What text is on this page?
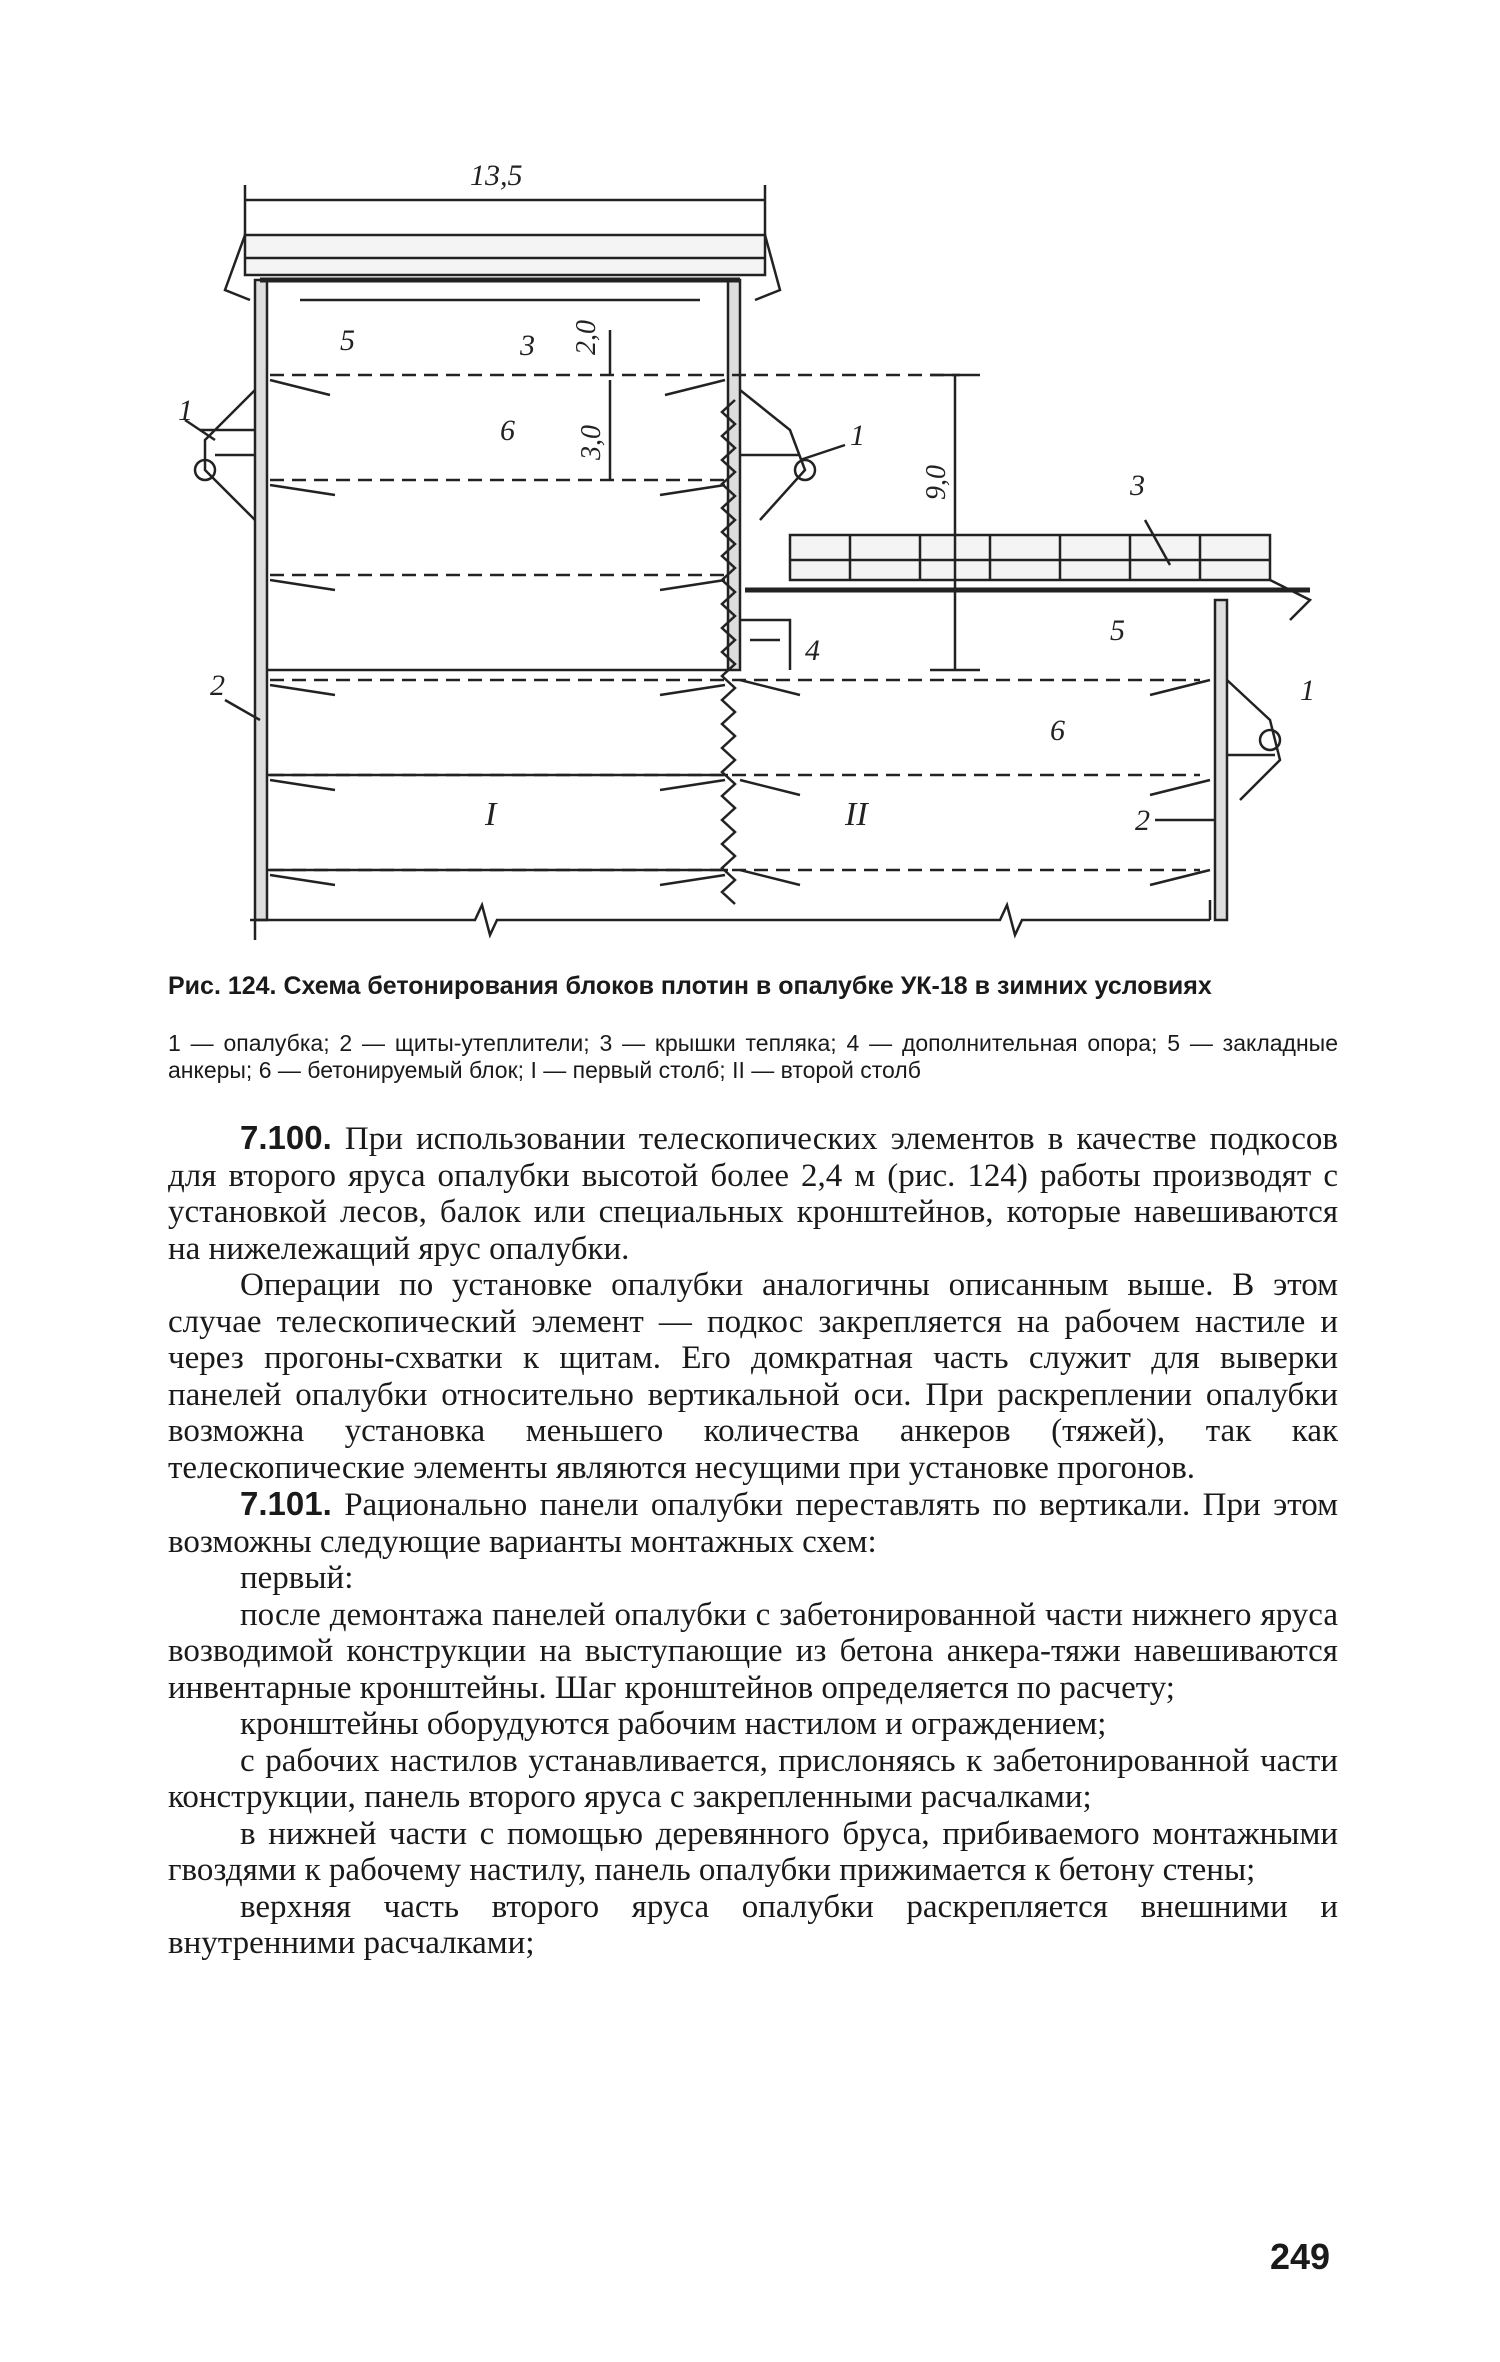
13,5
5	3 2,0
3,0
6
1
1
9,0	3
4
5
2
6
1
I	II	2
Рис. 124. Схема бетонирования блоков плотин в опалубке УК-18 в зимних условиях
1 — опалубка; 2 — щиты-утеплители; 3 — крышки тепляка; 4 — дополнительная опора; 5 — закладные анкеры; 6 — бетонируемый блок; I — первый столб; II — второй столб

7.100. При использовании телескопических элементов в качестве подкосов для второго яруса опалубки высотой более 2,4 м (рис. 124) работы производят с установкой лесов, балок или специальных кронштейнов, которые навешиваются на нижележащий ярус опалубки.

Операции по установке опалубки аналогичны описанным выше. В этом случае телескопический элемент — подкос закрепляется на рабочем настиле и через прогоны-схватки к щитам. Его домкратная часть служит для выверки панелей опалубки относительно вертикальной оси. При раскреплении опалубки возможна установка меньшего количества анкеров (тяжей), так как телескопические элементы являются несущими при установке прогонов.

7.101. Рационально панели опалубки переставлять по вертикали. При этом возможны следующие варианты монтажных схем:

первый:

после демонтажа панелей опалубки с забетонированной части нижнего яруса возводимой конструкции на выступающие из бетона анкера-тяжи навешиваются инвентарные кронштейны. Шаг кронштейнов определяется по расчету;

кронштейны оборудуются рабочим настилом и ограждением;

с рабочих настилов устанавливается, прислоняясь к забетонированной части конструкции, панель второго яруса с закрепленными расчалками;

в нижней части с помощью деревянного бруса, прибиваемого монтажными гвоздями к рабочему настилу, панель опалубки прижимается к бетону стены;

верхняя часть второго яруса опалубки раскрепляется внешними и внутренними расчалками;

249
